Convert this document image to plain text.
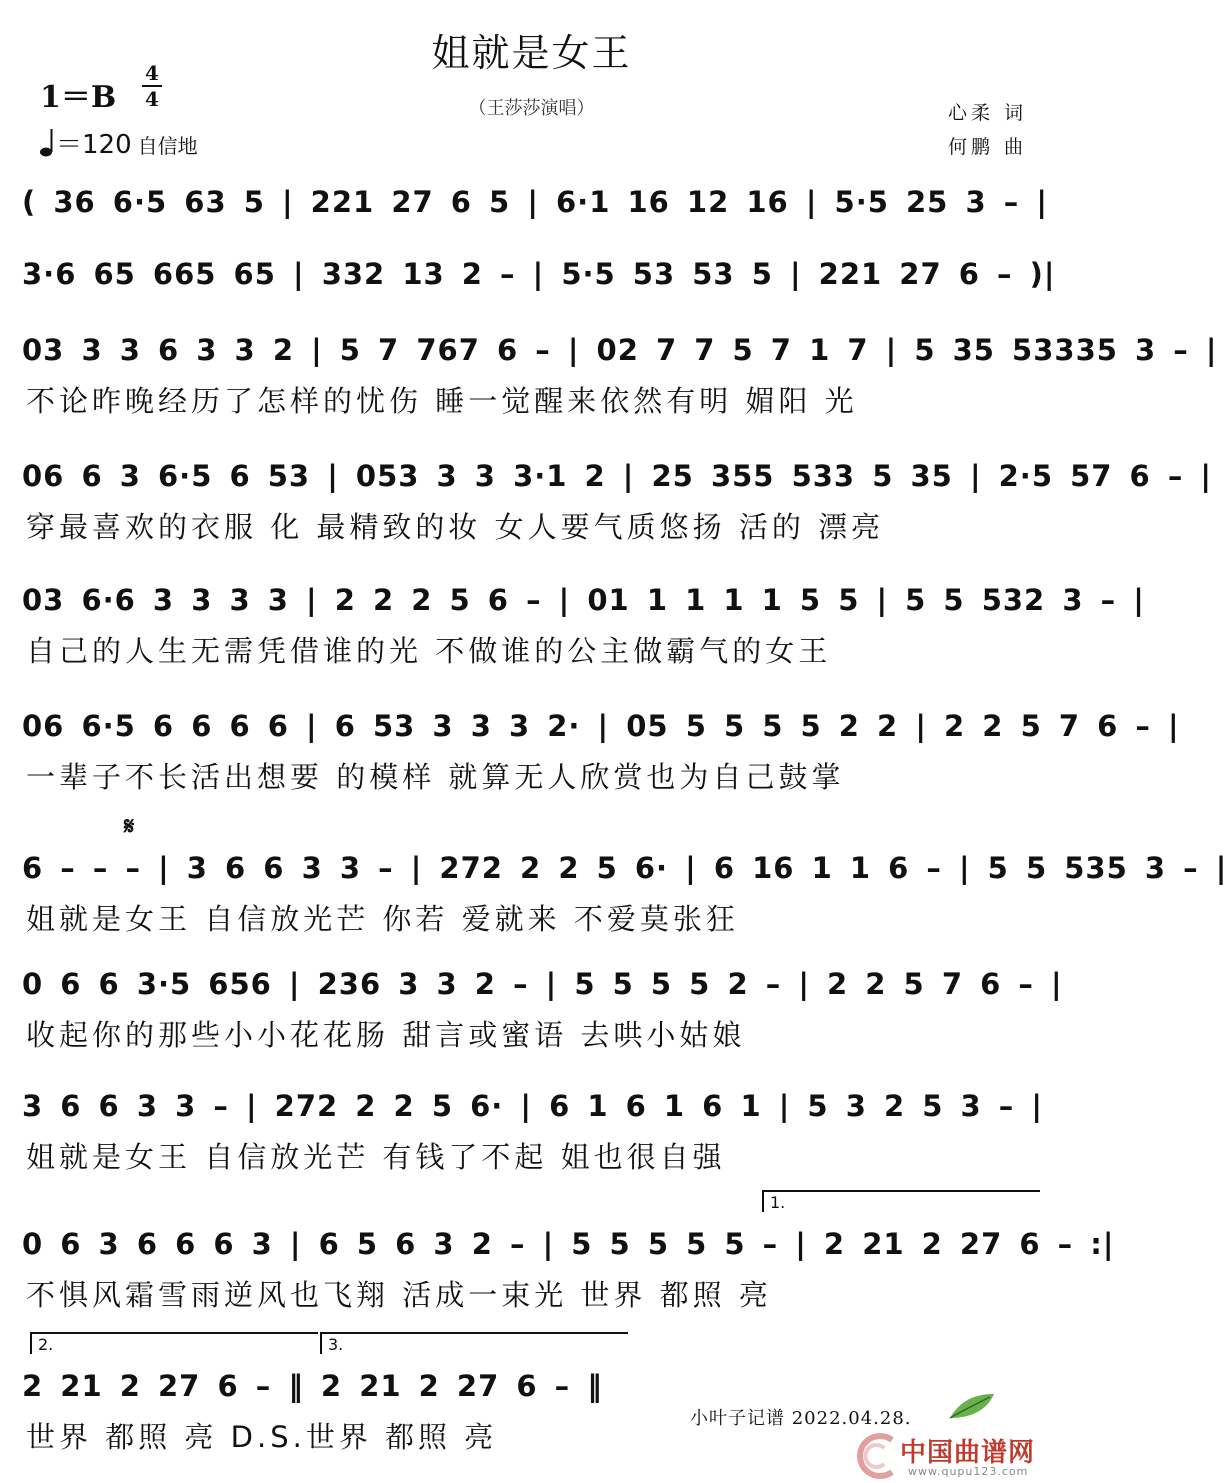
姐就是女王
（王莎莎演唱）
1＝B
4
4
＝120 自信地
心柔 词
何鹏 曲
( 36 6·5 63 5 | 221 27 6 5 | 6·1 16 12 16 | 5·5 25 3 – |
3·6 65 665 65 | 332 13 2 – | 5·5 53 53 5 | 221 27 6 – )|
03 3 3 6 3 3 2 | 5 7 767 6 – | 02 7 7 5 7 1 7 | 5 35 53335 3 – |
不论昨晚经历了怎样的忧伤 睡一觉醒来依然有明 媚阳 光
06 6 3 6·5 6 53 | 053 3 3 3·1 2 | 25 355 533 5 35 | 2·5 57 6 – |
穿最喜欢的衣服 化 最精致的妆 女人要气质悠扬 活的 漂亮
03 6·6 3 3 3 3 | 2 2 2 5 6 – | 01 1 1 1 1 5 5 | 5 5 532 3 – |
自己的人生无需凭借谁的光 不做谁的公主做霸气的女王
06 6·5 6 6 6 6 | 6 53 3 3 3 2· | 05 5 5 5 5 2 2 | 2 2 5 7 6 – |
一辈子不长活出想要 的模样 就算无人欣赏也为自己鼓掌
𝄋
6 – – – | 3 6 6 3 3 – | 272 2 2 5 6· | 6 16 1 1 6 – | 5 5 535 3 – |
姐就是女王 自信放光芒 你若 爱就来 不爱莫张狂
0 6 6 3·5 656 | 236 3 3 2 – | 5 5 5 5 2 – | 2 2 5 7 6 – |
收起你的那些小小花花肠 甜言或蜜语 去哄小姑娘
3 6 6 3 3 – | 272 2 2 5 6· | 6 1 6 1 6 1 | 5 3 2 5 3 – |
姐就是女王 自信放光芒 有钱了不起 姐也很自强
1.
0 6 3 6 6 6 3 | 6 5 6 3 2 – | 5 5 5 5 5 – | 2 21 2 27 6 – :|
不惧风霜雪雨逆风也飞翔 活成一束光 世界 都照 亮
2.	3.
2 21 2 27 6 – ‖ 2 21 2 27 6 – ‖
世界 都照 亮 D.S.世界 都照 亮
小叶子记谱 2022.04.28.
中国曲谱网
www.qupu123.com
